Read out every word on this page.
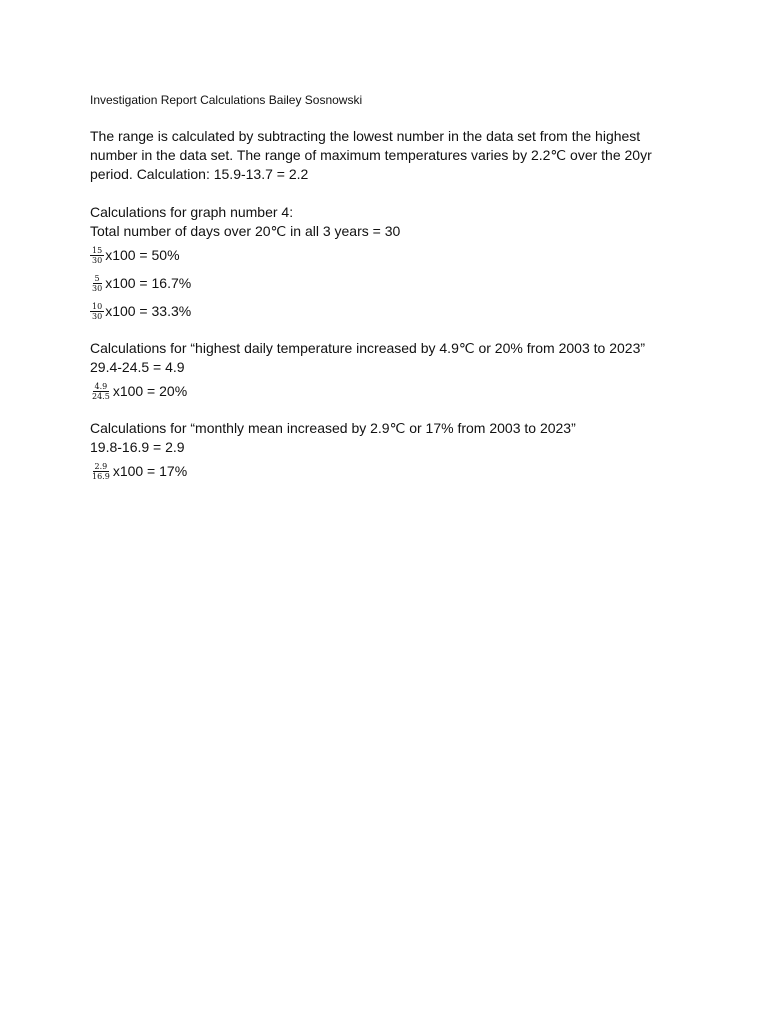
Investigation Report Calculations Bailey Sosnowski

The range is calculated by subtracting the lowest number in the data set from the highest number in the data set. The range of maximum temperatures varies by 2.2℃ over the 20yr period. Calculation: 15.9-13.7 = 2.2

Calculations for graph number 4:

Total number of days over 20℃ in all 3 years = 30

$\frac{15}{30} x100 = 50\%$
$\frac{5}{30} x100 = 16.7\%$
$\frac{10}{30} x100 = 33.3\%$

Calculations for “highest daily temperature increased by 4.9℃ or 20% from 2003 to 2023”

29.4-24.5 = 4.9

$\frac{4.9}{24.5} x100 = 20\%$

Calculations for “monthly mean increased by 2.9℃ or 17% from 2003 to 2023”

19.8-16.9 = 2.9

$\frac{2.9}{16.9} x100 = 17\%$
